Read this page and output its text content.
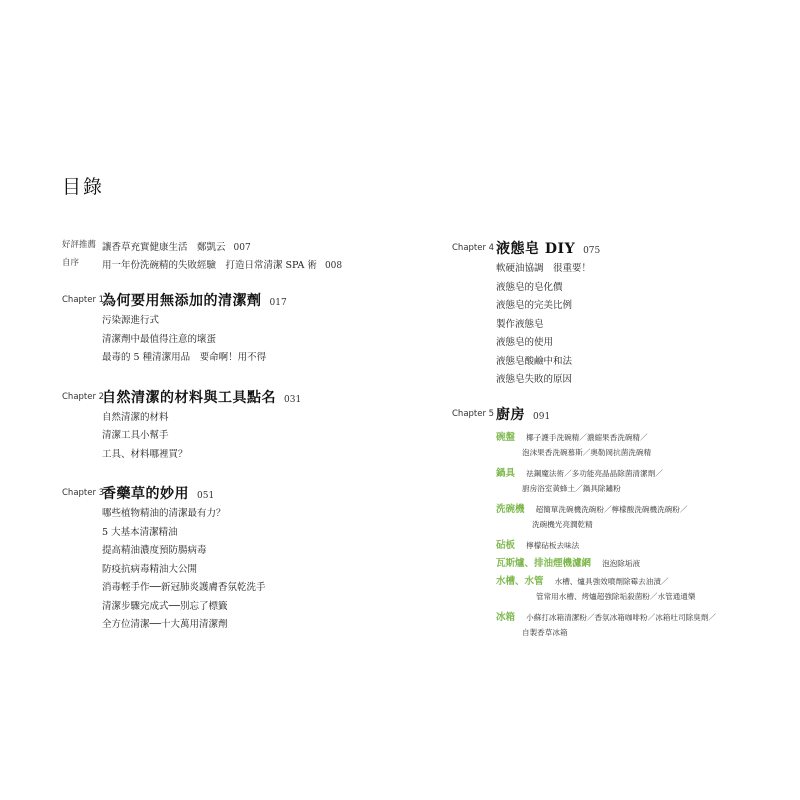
目錄
好評推薦 讓香草充實健康生活　鄭凱云 007
自序 用一年份洗碗精的失敗經驗　打造日常清潔 SPA 術 008
Chapter 1
為何要用無添加的清潔劑 017
污染源進行式
清潔劑中最值得注意的壞蛋
最毒的 5 種清潔用品　要命啊！用不得
Chapter 2
自然清潔的材料與工具點名 031
自然清潔的材料
清潔工具小幫手
工具、材料哪裡買？
Chapter 3
香藥草的妙用 051
哪些植物精油的清潔最有力？
5 大基本清潔精油
提高精油濃度預防腸病毒
防疫抗病毒精油大公開
消毒輕手作──新冠肺炎護膚香氛乾洗手
清潔步驟完成式──別忘了標籤
全方位清潔──十大萬用清潔劑
Chapter 4 液態皂 DIY 075
軟硬油協調　很重要！
液態皂的皂化價
液態皂的完美比例
製作液態皂
液態皂的使用
液態皂酸鹼中和法
液態皂失敗的原因
Chapter 5 廚房 091
碗盤 椰子護手洗碗精／濃縮果香洗碗精／
泡沫果香洗碗慕斯／奧勒岡抗菌洗碗精
鍋具 祛鋼魔法術／多功能亮晶晶除菌清潔劑／
廚房浴室黃蜂土／鍋具除鏽粉
洗碗機 超簡單洗碗機洗碗粉／檸檬酸洗碗機洗碗粉／
洗碗機光亮潤乾精
砧板 檸檬砧板去味法
瓦斯爐、排油煙機濾網 泡泡除垢液
水槽、水管 水槽、爐具強效噴劑除霉去油漬／
管常用水槽、烤爐超強除垢殺菌粉／水管通通樂
冰箱 小蘇打冰箱清潔粉／香氛冰箱咖啡粉／冰箱吐司除臭劑／
自製香草冰箱
